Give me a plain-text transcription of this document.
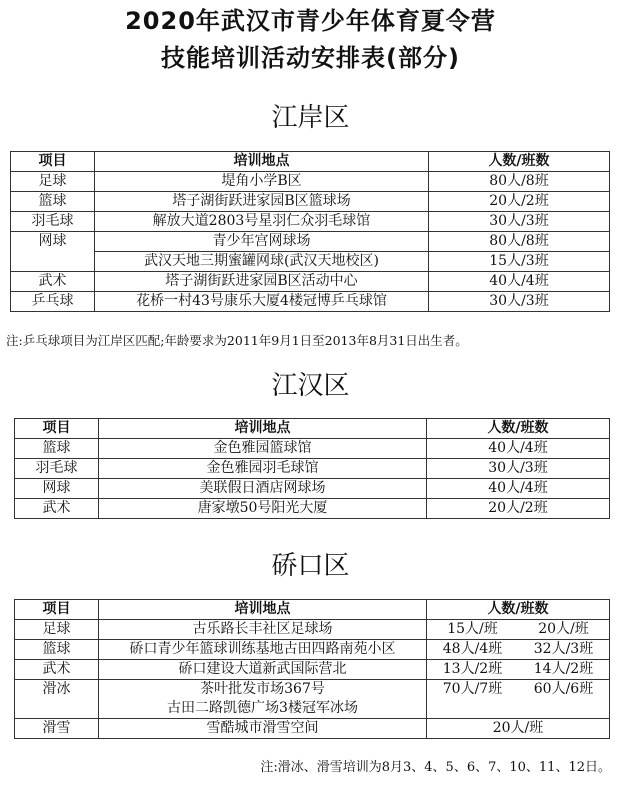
2020年武汉市青少年体育夏令营
技能培训活动安排表(部分)
江岸区
项目	培训地点	人数/班数
足球	堤角小学B区	80人/8班
篮球	塔子湖街跃进家园B区篮球场	20人/2班
羽毛球	解放大道2803号星羽仁众羽毛球馆	30人/3班
网球	青少年宫网球场	80人/8班
	武汉天地三期蜜罐网球(武汉天地校区)	15人/3班
武术	塔子湖街跃进家园B区活动中心	40人/4班
乒乓球	花桥一村43号康乐大厦4楼冠博乒乓球馆	30人/3班
注:乒乓球项目为江岸区匹配;年龄要求为2011年9月1日至2013年8月31日出生者。
江汉区
项目	培训地点	人数/班数
篮球	金色雅园篮球馆	40人/4班
羽毛球	金色雅园羽毛球馆	30人/3班
网球	美联假日酒店网球场	40人/4班
武术	唐家墩50号阳光大厦	20人/2班
硚口区
项目	培训地点	人数/班数
足球	古乐路长丰社区足球场	15人/班 20人/班

篮球	硚口青少年篮球训练基地古田四路南苑小区	48人/4班 32人/3班

武术	硚口建设大道新武国际营北	13人/2班 14人/2班

滑冰	茶叶批发市场367号
古田二路凯德广场3楼冠军冰场	70人/7班 60人/6班

滑雪	雪酷城市滑雪空间	20人/班
注:滑冰、滑雪培训为8月3、4、5、6、7、10、11、12日。
